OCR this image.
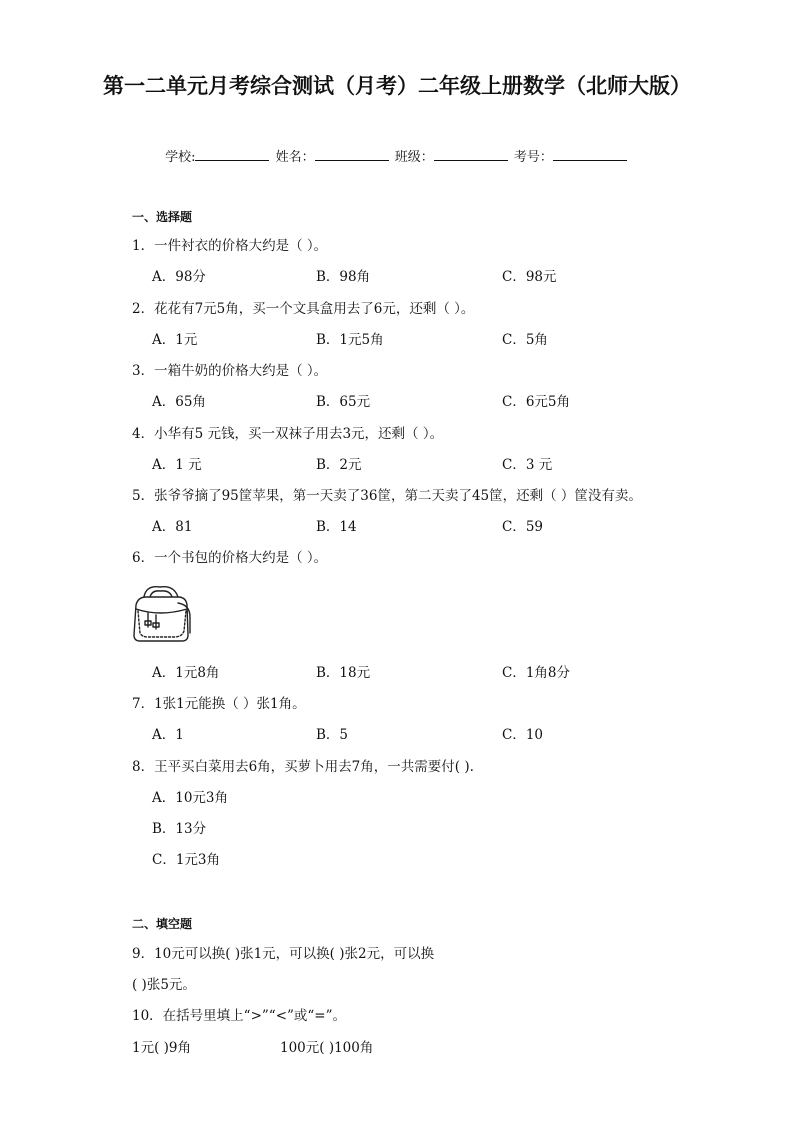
第一二单元月考综合测试（月考）二年级上册数学（北师大版）
学校:	姓名：	班级：	考号：
一、选择题
1．一件衬衣的价格大约是（ ）。
A．98分	B．98角	C．98元
2．花花有7元5角，买一个文具盒用去了6元，还剩（ ）。
A．1元	B．1元5角	C．5角
3．一箱牛奶的价格大约是（ ）。
A．65角	B．65元	C．6元5角
4．小华有5 元钱，买一双袜子用去3元，还剩（ ）。
A．1 元	B．2元	C．3 元
5．张爷爷摘了95筐苹果，第一天卖了36筐，第二天卖了45筐，还剩（ ）筐没有卖。
A．81	B．14	C．59
6．一个书包的价格大约是（ ）。
A．1元8角	B．18元	C．1角8分
7．1张1元能换（ ）张1角。
A．1	B．5	C．10
8．王平买白菜用去6角，买萝卜用去7角，一共需要付( ).
A．10元3角
B．13分
C．1元3角
二、填空题
9．10元可以换( )张1元，可以换( )张2元，可以换
( )张5元。
10．在括号里填上“>”“<”或“=”。
1元( )9角	100元( )100角
